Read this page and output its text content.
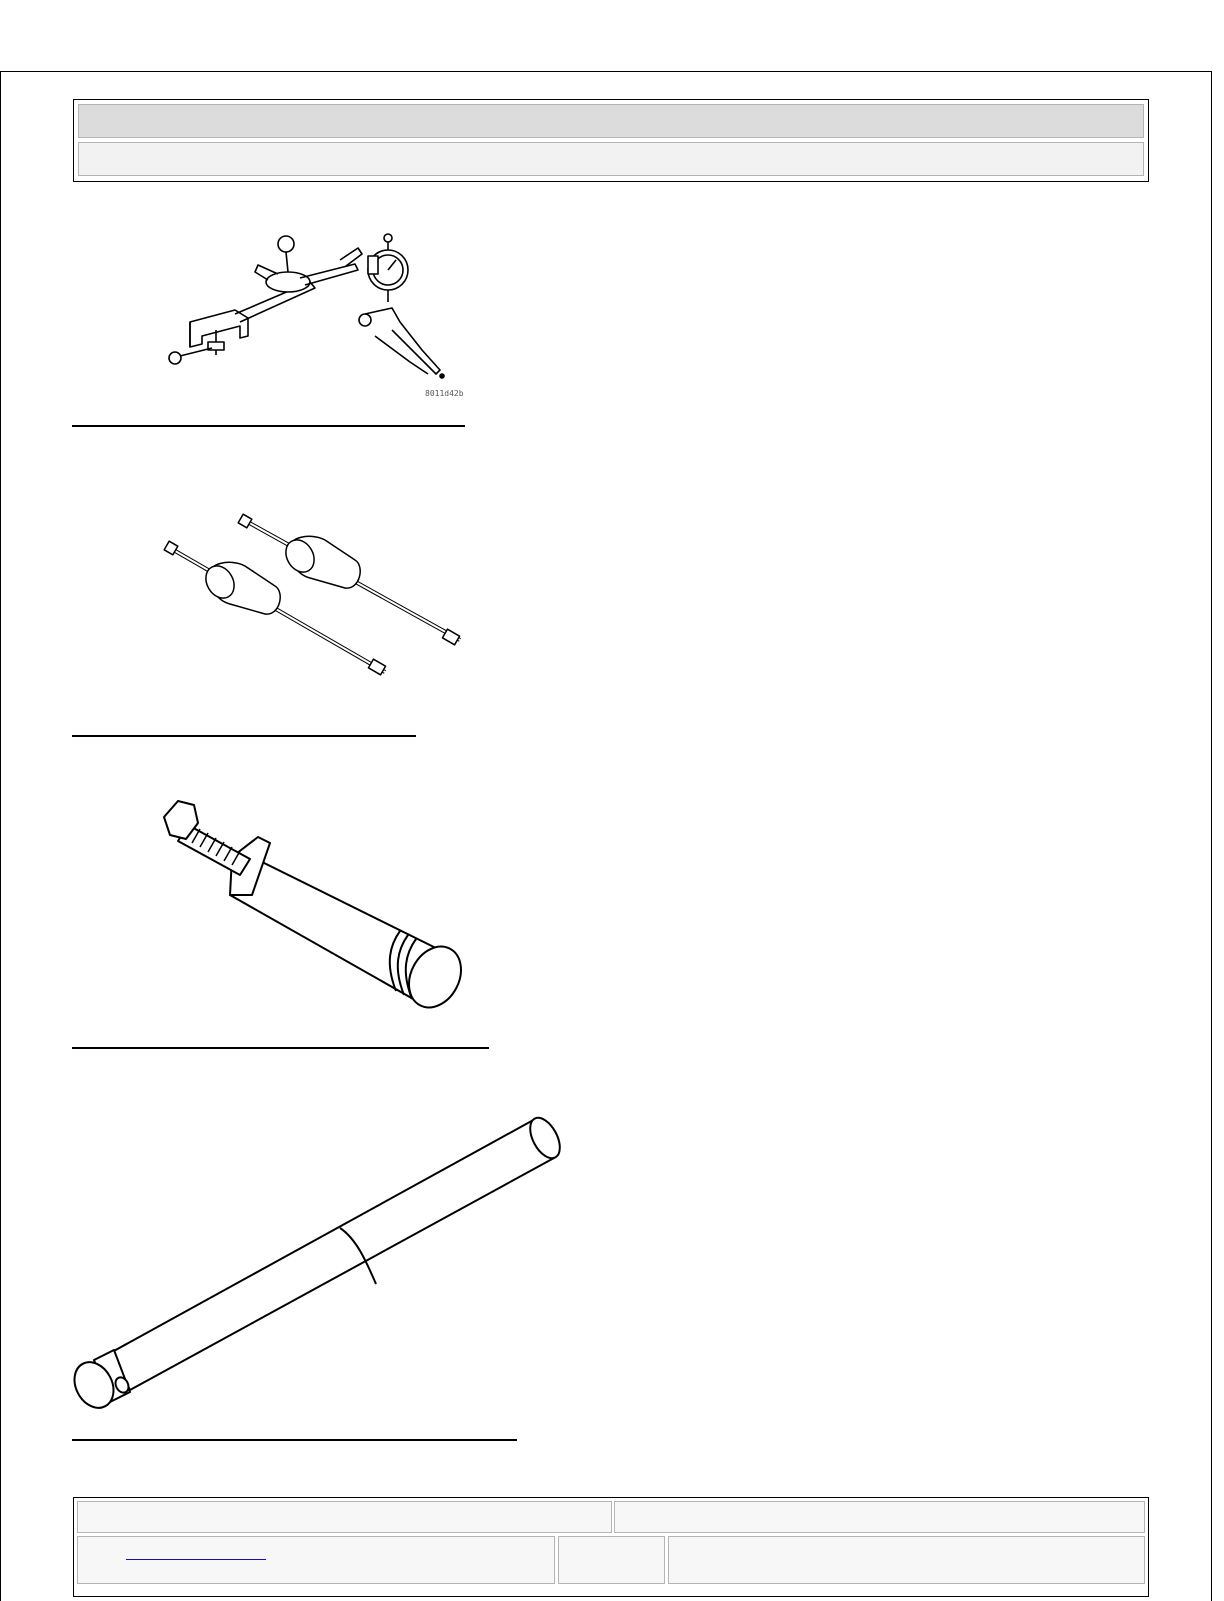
8011d42b
